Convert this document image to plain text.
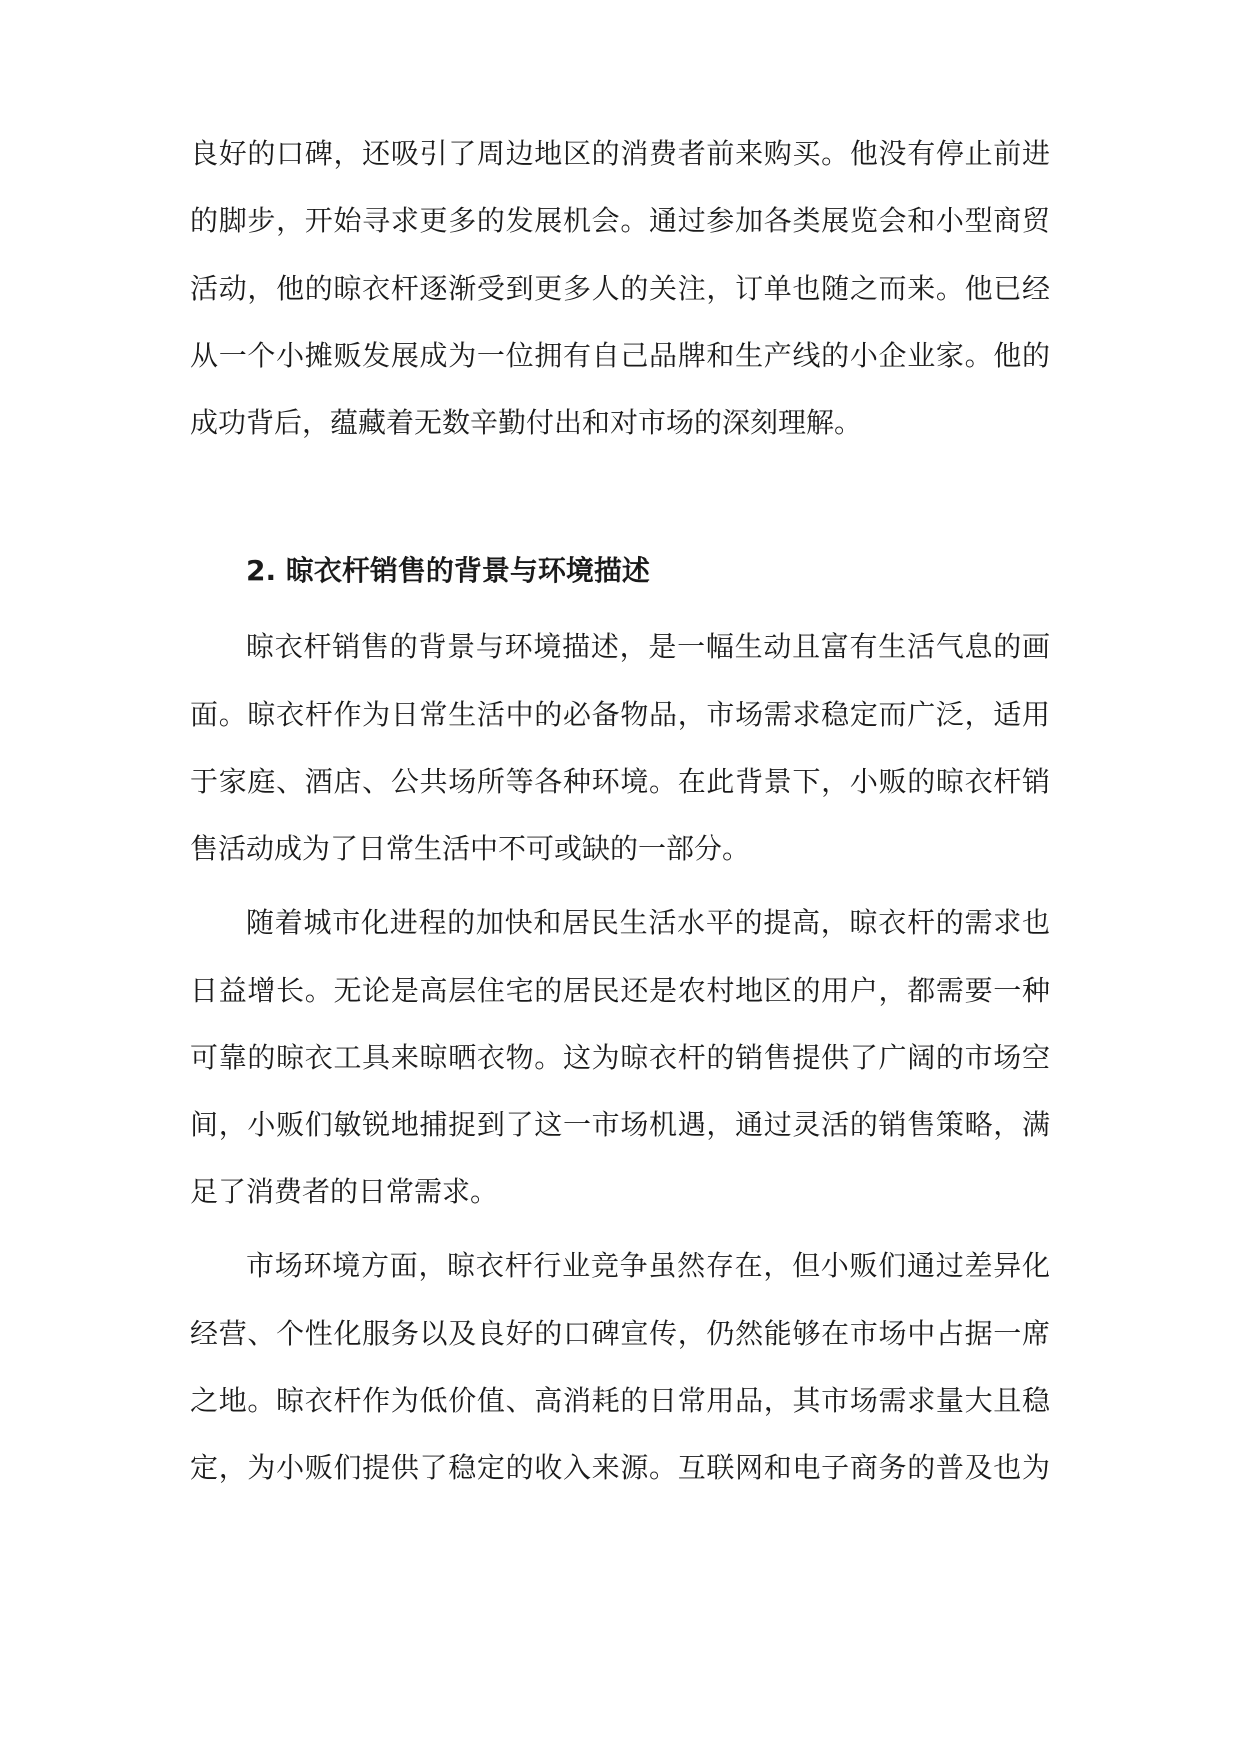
良好的口碑，还吸引了周边地区的消费者前来购买。他没有停止前进
的脚步，开始寻求更多的发展机会。通过参加各类展览会和小型商贸
活动，他的晾衣杆逐渐受到更多人的关注，订单也随之而来。他已经
从一个小摊贩发展成为一位拥有自己品牌和生产线的小企业家。他的
成功背后，蕴藏着无数辛勤付出和对市场的深刻理解。
2. 晾衣杆销售的背景与环境描述
晾衣杆销售的背景与环境描述，是一幅生动且富有生活气息的画
面。晾衣杆作为日常生活中的必备物品，市场需求稳定而广泛，适用
于家庭、酒店、公共场所等各种环境。在此背景下，小贩的晾衣杆销
售活动成为了日常生活中不可或缺的一部分。
随着城市化进程的加快和居民生活水平的提高，晾衣杆的需求也
日益增长。无论是高层住宅的居民还是农村地区的用户，都需要一种
可靠的晾衣工具来晾晒衣物。这为晾衣杆的销售提供了广阔的市场空
间，小贩们敏锐地捕捉到了这一市场机遇，通过灵活的销售策略，满
足了消费者的日常需求。
市场环境方面，晾衣杆行业竞争虽然存在，但小贩们通过差异化
经营、个性化服务以及良好的口碑宣传，仍然能够在市场中占据一席
之地。晾衣杆作为低价值、高消耗的日常用品，其市场需求量大且稳
定，为小贩们提供了稳定的收入来源。互联网和电子商务的普及也为
